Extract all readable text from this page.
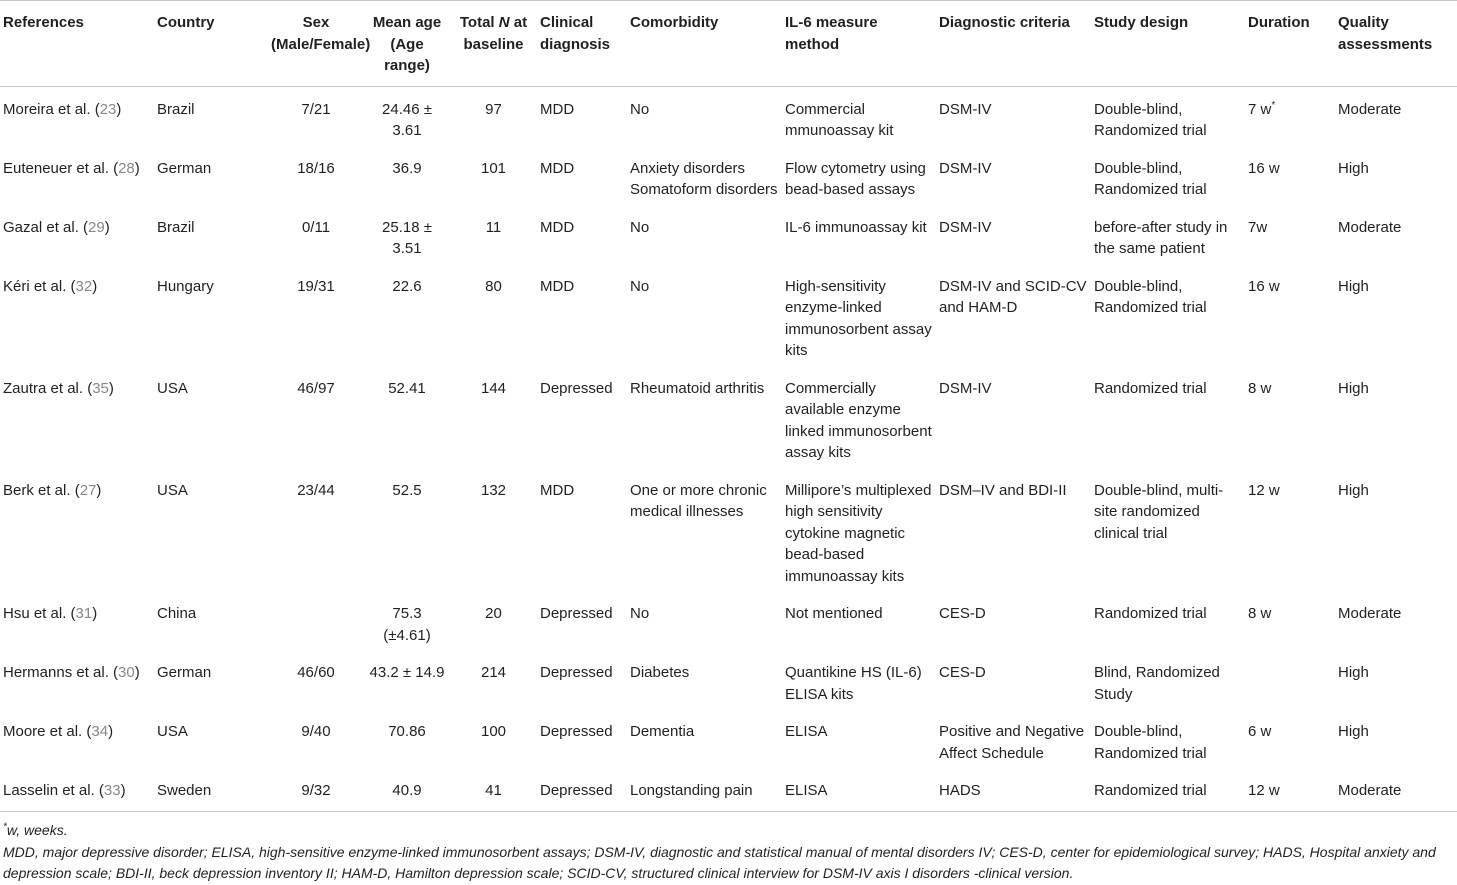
References	Country	Sex (Male/Female)	Mean age (Age range)	Total N at baseline	Clinical diagnosis	Comorbidity	IL-6 measure method	Diagnostic criteria	Study design	Duration	Quality assessments
Moreira et al. (23)	Brazil	7/21	24.46 ± 3.61	97	MDD	No	Commercial mmunoassay kit	DSM-IV	Double-blind, Randomized trial	7 w*	Moderate
Euteneuer et al. (28)	German	18/16	36.9	101	MDD	Anxiety disorders Somatoform disorders	Flow cytometry using bead-based assays	DSM-IV	Double-blind, Randomized trial	16 w	High
Gazal et al. (29)	Brazil	0/11	25.18 ± 3.51	11	MDD	No	IL-6 immunoassay kit	DSM-IV	before-after study in the same patient	7w	Moderate
Kéri et al. (32)	Hungary	19/31	22.6	80	MDD	No	High-sensitivity enzyme-linked immunosorbent assay kits	DSM-IV and SCID-CV and HAM-D	Double-blind, Randomized trial	16 w	High
Zautra et al. (35)	USA	46/97	52.41	144	Depressed	Rheumatoid arthritis	Commercially available enzyme linked immunosorbent assay kits	DSM-IV	Randomized trial	8 w	High
Berk et al. (27)	USA	23/44	52.5	132	MDD	One or more chronic medical illnesses	Millipore’s multiplexed high sensitivity cytokine magnetic bead-based immunoassay kits	DSM–IV and BDI-II	Double-blind, multi-site randomized clinical trial	12 w	High
Hsu et al. (31)	China		75.3 (±4.61)	20	Depressed	No	Not mentioned	CES-D	Randomized trial	8 w	Moderate
Hermanns et al. (30)	German	46/60	43.2 ± 14.9	214	Depressed	Diabetes	Quantikine HS (IL-6) ELISA kits	CES-D	Blind, Randomized Study		High
Moore et al. (34)	USA	9/40	70.86	100	Depressed	Dementia	ELISA	Positive and Negative Affect Schedule	Double-blind, Randomized trial	6 w	High
Lasselin et al. (33)	Sweden	9/32	40.9	41	Depressed	Longstanding pain	ELISA	HADS	Randomized trial	12 w	Moderate

*w, weeks.

MDD, major depressive disorder; ELISA, high-sensitive enzyme-linked immunosorbent assays; DSM-IV, diagnostic and statistical manual of mental disorders IV; CES-D, center for epidemiological survey; HADS, Hospital anxiety and depression scale; BDI-II, beck depression inventory II; HAM-D, Hamilton depression scale; SCID-CV, structured clinical interview for DSM-IV axis I disorders -clinical version.
